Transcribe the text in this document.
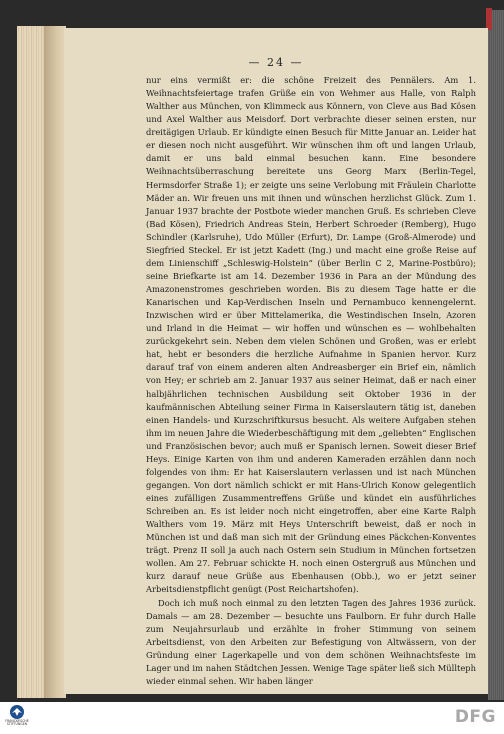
— 24 —

nur eins vermißt er: die schöne Freizeit des Pennälers. Am 1. Weihnachtsfeiertage trafen Grüße ein von Wehmer aus Halle, von Ralph Walther aus München, von Klimmeck aus Könnern, von Cleve aus Bad Kösen und Axel Walther aus Meisdorf. Dort verbrachte dieser seinen ersten, nur dreitägigen Urlaub. Er kündigte einen Besuch für Mitte Januar an. Leider hat er diesen noch nicht ausgeführt. Wir wünschen ihm oft und langen Urlaub, damit er uns bald einmal besuchen kann. Eine besondere Weihnachtsüberraschung bereitete uns Georg Marx (Berlin-Tegel, Hermsdorfer Straße 1); er zeigte uns seine Verlobung mit Fräulein Charlotte Mäder an. Wir freuen uns mit ihnen und wünschen herzlichst Glück. Zum 1. Januar 1937 brachte der Postbote wieder manchen Gruß. Es schrieben Cleve (Bad Kösen), Friedrich Andreas Stein, Herbert Schroeder (Remberg), Hugo Schindler (Karlsruhe), Udo Müller (Erfurt), Dr. Lampe (Groß-Almerode) und Siegfried Steckel. Er ist jetzt Kadett (Ing.) und macht eine große Reise auf dem Linienschiff „Schleswig-Holstein“ (über Berlin C 2, Marine-Postbüro); seine Briefkarte ist am 14. Dezember 1936 in Para an der Mündung des Amazonenstromes geschrieben worden. Bis zu diesem Tage hatte er die Kanarischen und Kap-Verdischen Inseln und Pernambuco kennengelernt. Inzwischen wird er über Mittelamerika, die Westindischen Inseln, Azoren und Irland in die Heimat — wir hoffen und wünschen es — wohlbehalten zurückgekehrt sein. Neben dem vielen Schönen und Großen, was er erlebt hat, hebt er besonders die herzliche Aufnahme in Spanien hervor. Kurz darauf traf von einem anderen alten Andreasberger ein Brief ein, nämlich von Hey; er schrieb am 2. Januar 1937 aus seiner Heimat, daß er nach einer halbjährlichen technischen Ausbildung seit Oktober 1936 in der kaufmännischen Abteilung seiner Firma in Kaiserslautern tätig ist, daneben einen Handels- und Kurzschriftkursus besucht. Als weitere Aufgaben stehen ihm im neuen Jahre die Wiederbeschäftigung mit dem „geliebten“ Englischen und Französischen bevor; auch muß er Spanisch lernen. Soweit dieser Brief Heys. Einige Karten von ihm und anderen Kameraden erzählen dann noch folgendes von ihm: Er hat Kaiserslautern verlassen und ist nach München gegangen. Von dort nämlich schickt er mit Hans-Ulrich Konow gelegentlich eines zufälligen Zusammentreffens Grüße und kündet ein ausführliches Schreiben an. Es ist leider noch nicht eingetroffen, aber eine Karte Ralph Walthers vom 19. März mit Heys Unterschrift beweist, daß er noch in München ist und daß man sich mit der Gründung eines Päckchen-Konventes trägt. Prenz II soll ja auch nach Ostern sein Studium in München fortsetzen wollen. Am 27. Februar schickte H. noch einen Ostergruß aus München und kurz darauf neue Grüße aus Ebenhausen (Obb.), wo er jetzt seiner Arbeitsdienstpflicht genügt (Post Reichartshofen).

Doch ich muß noch einmal zu den letzten Tagen des Jahres 1936 zurück. Damals — am 28. Dezember — besuchte uns Faulborn. Er fuhr durch Halle zum Neujahrsurlaub und erzählte in froher Stimmung von seinem Arbeitsdienst, von den Arbeiten zur Befestigung von Altwässern, von der Gründung einer Lagerkapelle und von dem schönen Weihnachtsfeste im Lager und im nahen Städtchen Jessen. Wenige Tage später ließ sich Müllteph wieder einmal sehen. Wir haben länger

FRANCKESCHE
STIFTUNGEN	DFG
